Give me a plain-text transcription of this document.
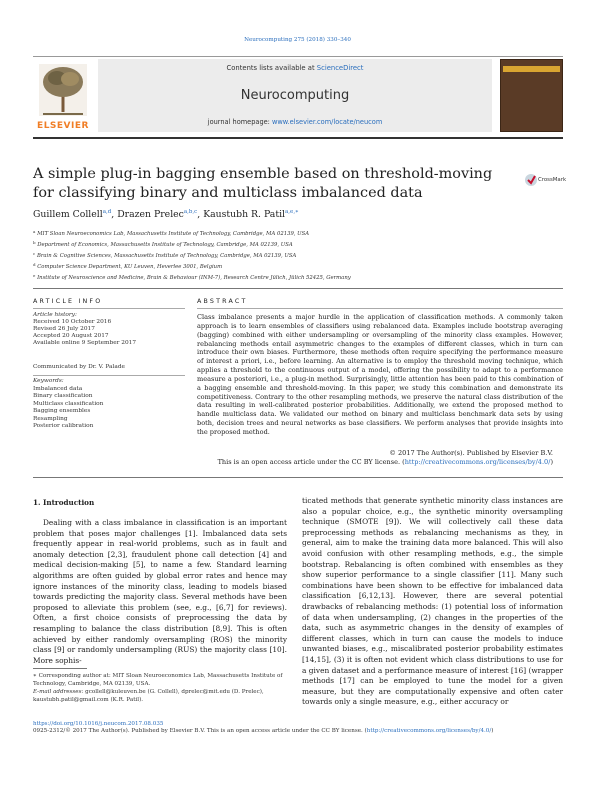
Neurocomputing 275 (2018) 330–340
ELSEVIER
Contents lists available at ScienceDirect
Neurocomputing
journal homepage: www.elsevier.com/locate/neucom
A simple plug-in bagging ensemble based on threshold-moving for classifying binary and multiclass imbalanced data
CrossMark
Guillem Collell$^{a,d}$, Drazen Prelec$^{a,b,c}$, Kaustubh R. Patil$^{a,e,∗}$
$^a$ MIT Sloan Neuroeconomics Lab, Massachusetts Institute of Technology, Cambridge, MA 02139, USA
$^b$ Department of Economics, Massachusetts Institute of Technology, Cambridge, MA 02139, USA
$^c$ Brain & Cognitive Sciences, Massachusetts Institute of Technology, Cambridge, MA 02139, USA
$^d$ Computer Science Department, KU Leuven, Heverlee 3001, Belgium
$^e$ Institute of Neuroscience and Medicine, Brain & Behaviour (INM-7), Research Centre Jülich, Jülich 52425, Germany
ARTICLE INFO	ABSTRACT
Article history:
Received 10 October 2016
Revised 26 July 2017
Accepted 20 August 2017
Available online 9 September 2017
Communicated by Dr. V. Palade
Keywords:
Imbalanced data
Binary classification
Multiclass classification
Bagging ensembles
Resampling
Posterior calibration
Class imbalance presents a major hurdle in the application of classification methods. A commonly taken approach is to learn ensembles of classifiers using rebalanced data. Examples include bootstrap averaging (bagging) combined with either undersampling or oversampling of the minority class examples. However, rebalancing methods entail asymmetric changes to the examples of different classes, which in turn can introduce their own biases. Furthermore, these methods often require specifying the performance measure of interest a priori, i.e., before learning. An alternative is to employ the threshold moving technique, which applies a threshold to the continuous output of a model, offering the possibility to adapt to a performance measure a posteriori, i.e., a plug-in method. Surprisingly, little attention has been paid to this combination of a bagging ensemble and threshold-moving. In this paper, we study this combination and demonstrate its competitiveness. Contrary to the other resampling methods, we preserve the natural class distribution of the data resulting in well-calibrated posterior probabilities. Additionally, we extend the proposed method to handle multiclass data. We validated our method on binary and multiclass benchmark data sets by using both, decision trees and neural networks as base classifiers. We perform analyses that provide insights into the proposed method.
© 2017 The Author(s). Published by Elsevier B.V.
This is an open access article under the CC BY license. (http://creativecommons.org/licenses/by/4.0/)
1. Introduction
Dealing with a class imbalance in classification is an important problem that poses major challenges [1]. Imbalanced data sets frequently appear in real-world problems, such as in fault and anomaly detection [2,3], fraudulent phone call detection [4] and medical decision-making [5], to name a few. Standard learning algorithms are often guided by global error rates and hence may ignore instances of the minority class, leading to models biased towards predicting the majority class. Several methods have been proposed to alleviate this problem (see, e.g., [6,7] for reviews). Often, a first choice consists of preprocessing the data by resampling to balance the class distribution [8,9]. This is often achieved by either randomly oversampling (ROS) the minority class [9] or randomly undersampling (RUS) the majority class [10]. More sophis-
ticated methods that generate synthetic minority class instances are also a popular choice, e.g., the synthetic minority oversampling technique (SMOTE [9]). We will collectively call these data preprocessing methods as rebalancing mechanisms as they, in general, aim to make the training data more balanced. This will also avoid confusion with other resampling methods, e.g., the simple bootstrap. Rebalancing is often combined with ensembles as they show superior performance to a single classifier [11]. Many such combinations have been shown to be effective for imbalanced data classification [6,12,13]. However, there are several potential drawbacks of rebalancing methods: (1) potential loss of information of data when undersampling, (2) changes in the properties of the data, such as asymmetric changes in the density of examples of different classes, which in turn can cause the models to induce unwanted biases, e.g., miscalibrated posterior probability estimates [14,15], (3) it is often not evident which class distributions to use for a given dataset and a performance measure of interest [16] (wrapper methods [17] can be employed to tune the model for a given measure, but they are computationally expensive and often cater towards only a single measure, e.g., either accuracy or
∗ Corresponding author at: MIT Sloan Neuroeconomics Lab, Massachusetts Institute of Technology, Cambridge, MA 02139, USA.
E-mail addresses: gcollell@kuleuven.be (G. Collell), dprelec@mit.edu (D. Prelec), kaustubh.patil@gmail.com (K.R. Patil).
https://doi.org/10.1016/j.neucom.2017.08.035
0925-2312/© 2017 The Author(s). Published by Elsevier B.V. This is an open access article under the CC BY license. (http://creativecommons.org/licenses/by/4.0/)
